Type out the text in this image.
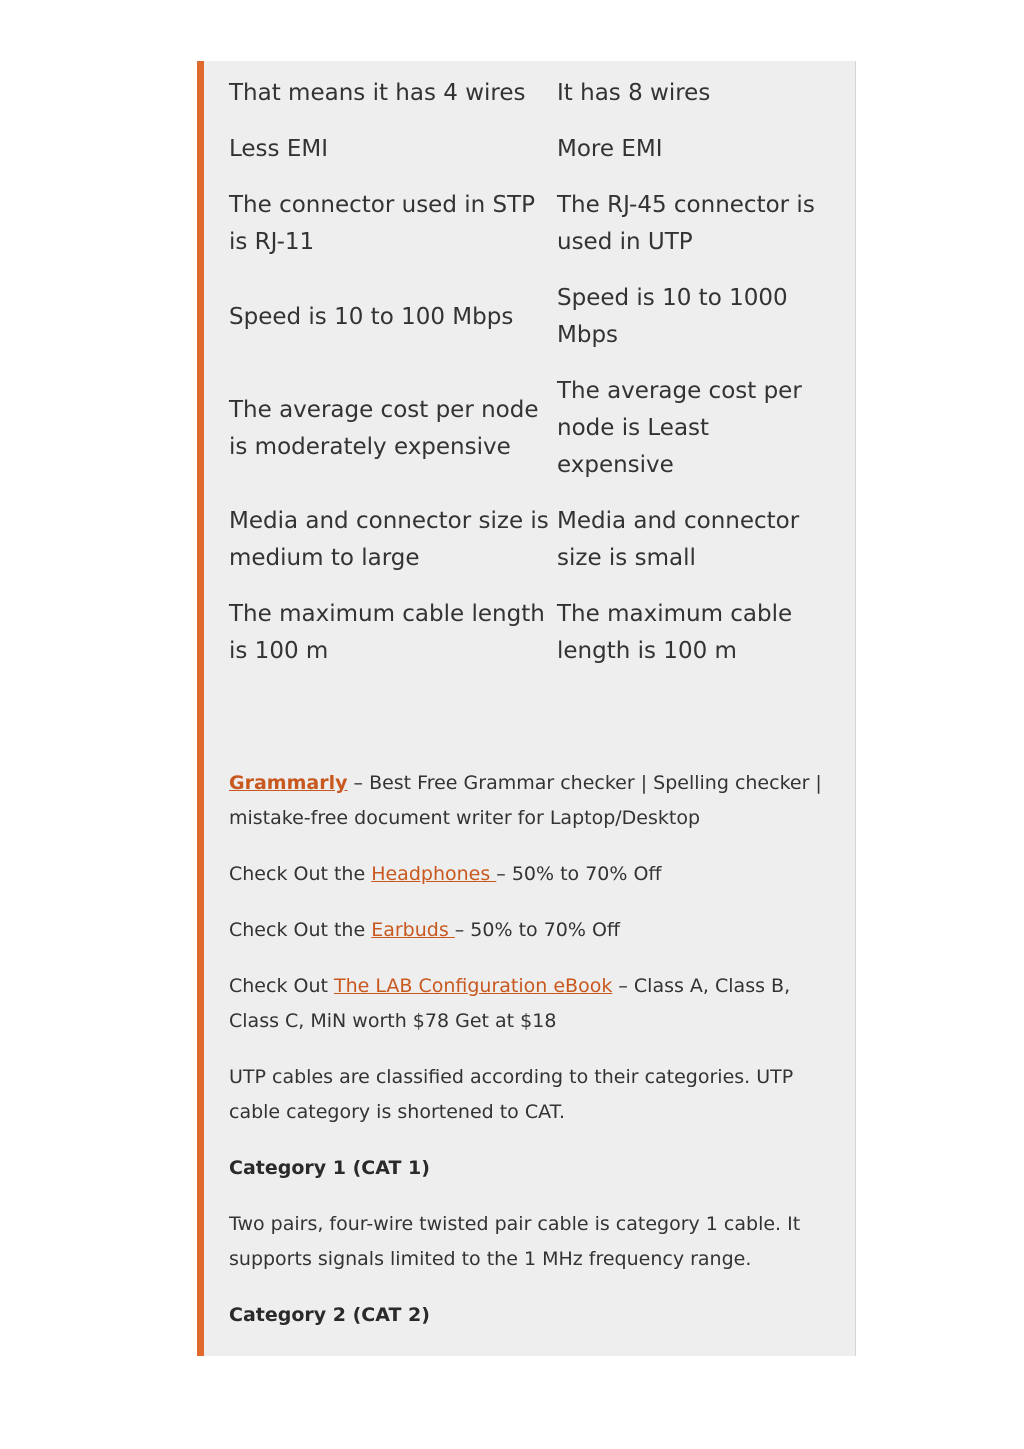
That means it has 4 wires	It has 8 wires
Less EMI	More EMI
The connector used in STP is RJ-11	The RJ-45 connector is used in UTP
Speed is 10 to 100 Mbps	Speed is 10 to 1000 Mbps
The average cost per node is moderately expensive	The average cost per node is Least expensive
Media and connector size is medium to large	Media and connector size is small
The maximum cable length is 100 m	The maximum cable length is 100 m

Grammarly – Best Free Grammar checker | Spelling checker | mistake-free document writer for Laptop/Desktop

Check Out the Headphones – 50% to 70% Off

Check Out the Earbuds – 50% to 70% Off

Check Out The LAB Configuration eBook – Class A, Class B, Class C, MiN worth $78 Get at $18

UTP cables are classified according to their categories. UTP cable category is shortened to CAT.

Category 1 (CAT 1)

Two pairs, four-wire twisted pair cable is category 1 cable. It supports signals limited to the 1 MHz frequency range.

Category 2 (CAT 2)
